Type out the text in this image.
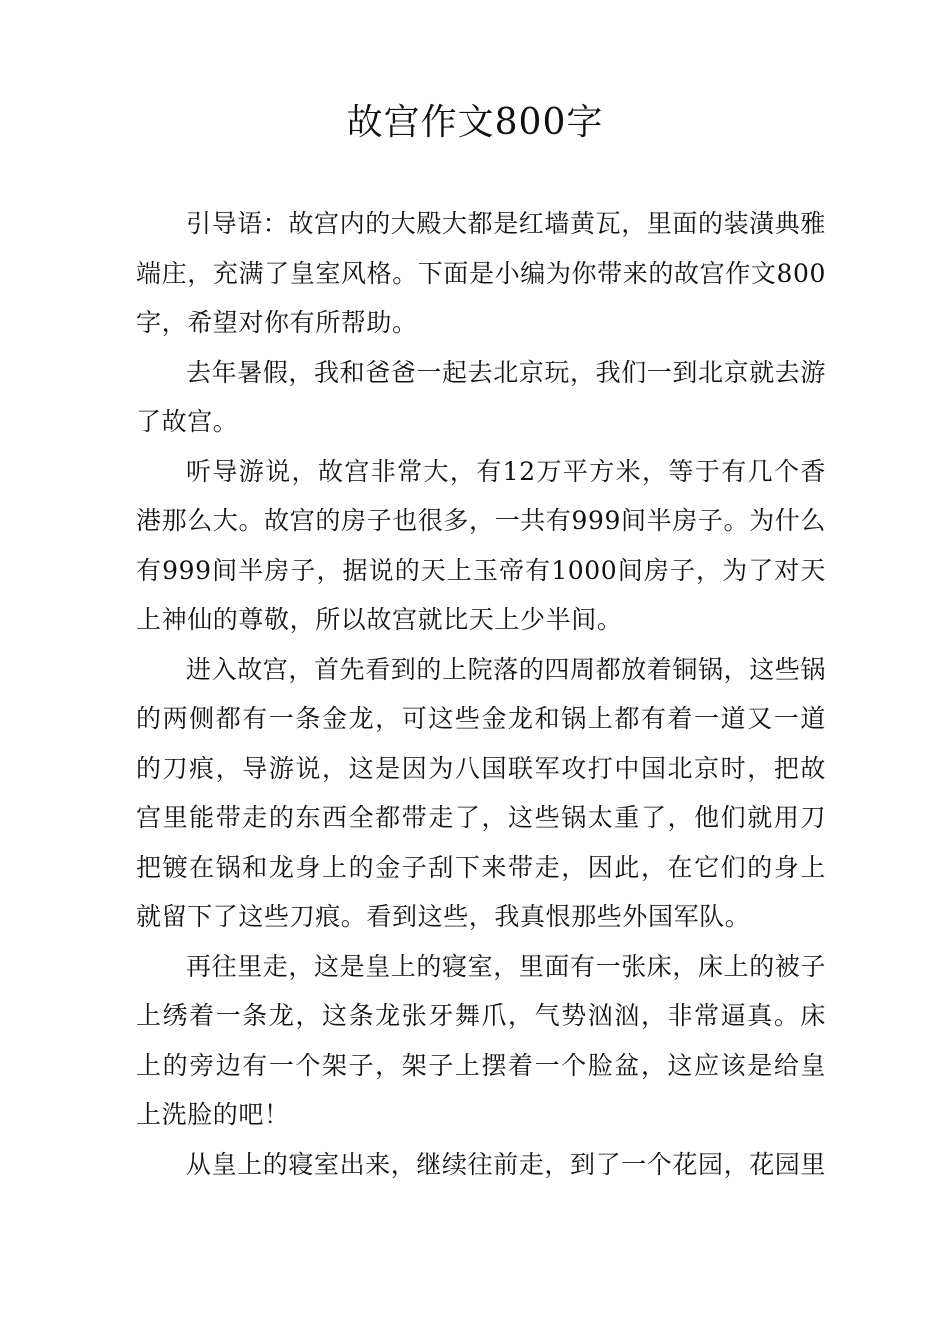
故宫作文800字

引导语：故宫内的大殿大都是红墙黄瓦，里面的装潢典雅端庄，充满了皇室风格。下面是小编为你带来的故宫作文800字，希望对你有所帮助。

去年暑假，我和爸爸一起去北京玩，我们一到北京就去游了故宫。

听导游说，故宫非常大，有12万平方米，等于有几个香港那么大。故宫的房子也很多，一共有999间半房子。为什么有999间半房子，据说的天上玉帝有1000间房子，为了对天上神仙的尊敬，所以故宫就比天上少半间。

进入故宫，首先看到的上院落的四周都放着铜锅，这些锅的两侧都有一条金龙，可这些金龙和锅上都有着一道又一道的刀痕，导游说，这是因为八国联军攻打中国北京时，把故宫里能带走的东西全都带走了，这些锅太重了，他们就用刀把镀在锅和龙身上的金子刮下来带走，因此，在它们的身上就留下了这些刀痕。看到这些，我真恨那些外国军队。

再往里走，这是皇上的寝室，里面有一张床，床上的被子上绣着一条龙，这条龙张牙舞爪，气势汹汹，非常逼真。床上的旁边有一个架子，架子上摆着一个脸盆，这应该是给皇上洗脸的吧！

从皇上的寝室出来，继续往前走，到了一个花园，花园里
